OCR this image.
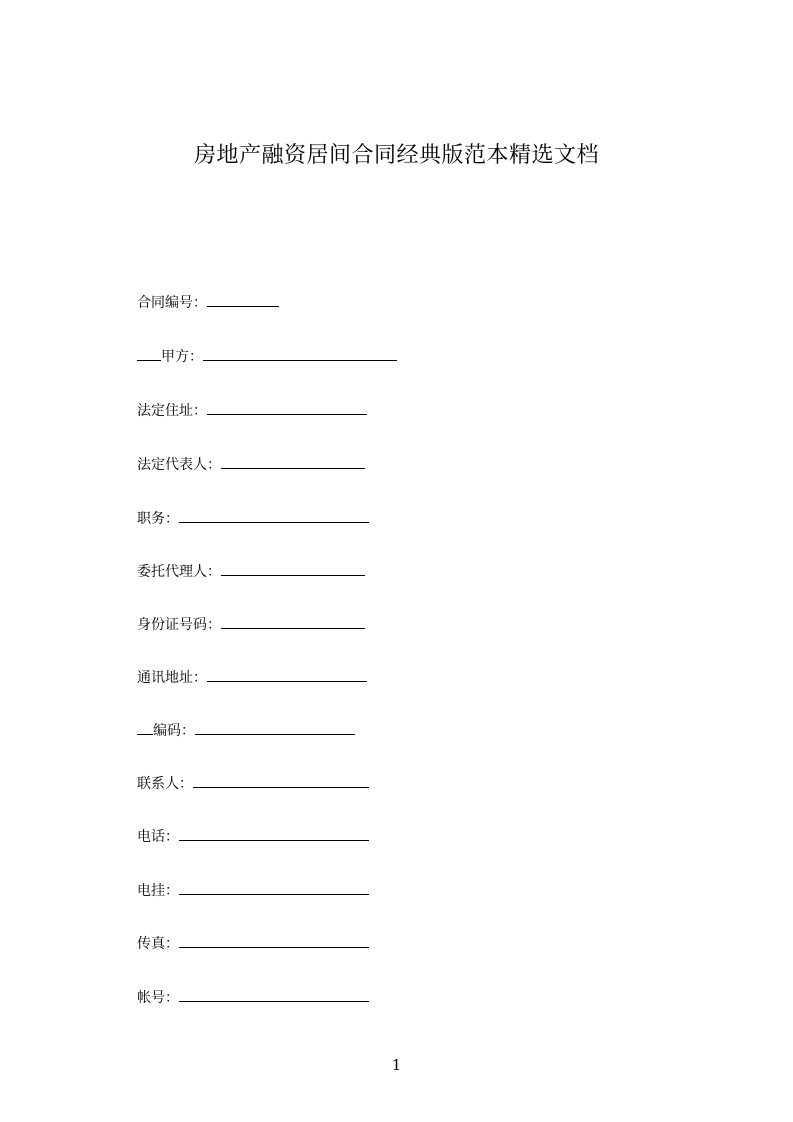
房地产融资居间合同经典版范本精选文档
合同编号：
甲方：
法定住址：
法定代表人：
职务：
委托代理人：
身份证号码：
通讯地址：
编码：
联系人：
电话：
电挂：
传真：
帐号：
1
